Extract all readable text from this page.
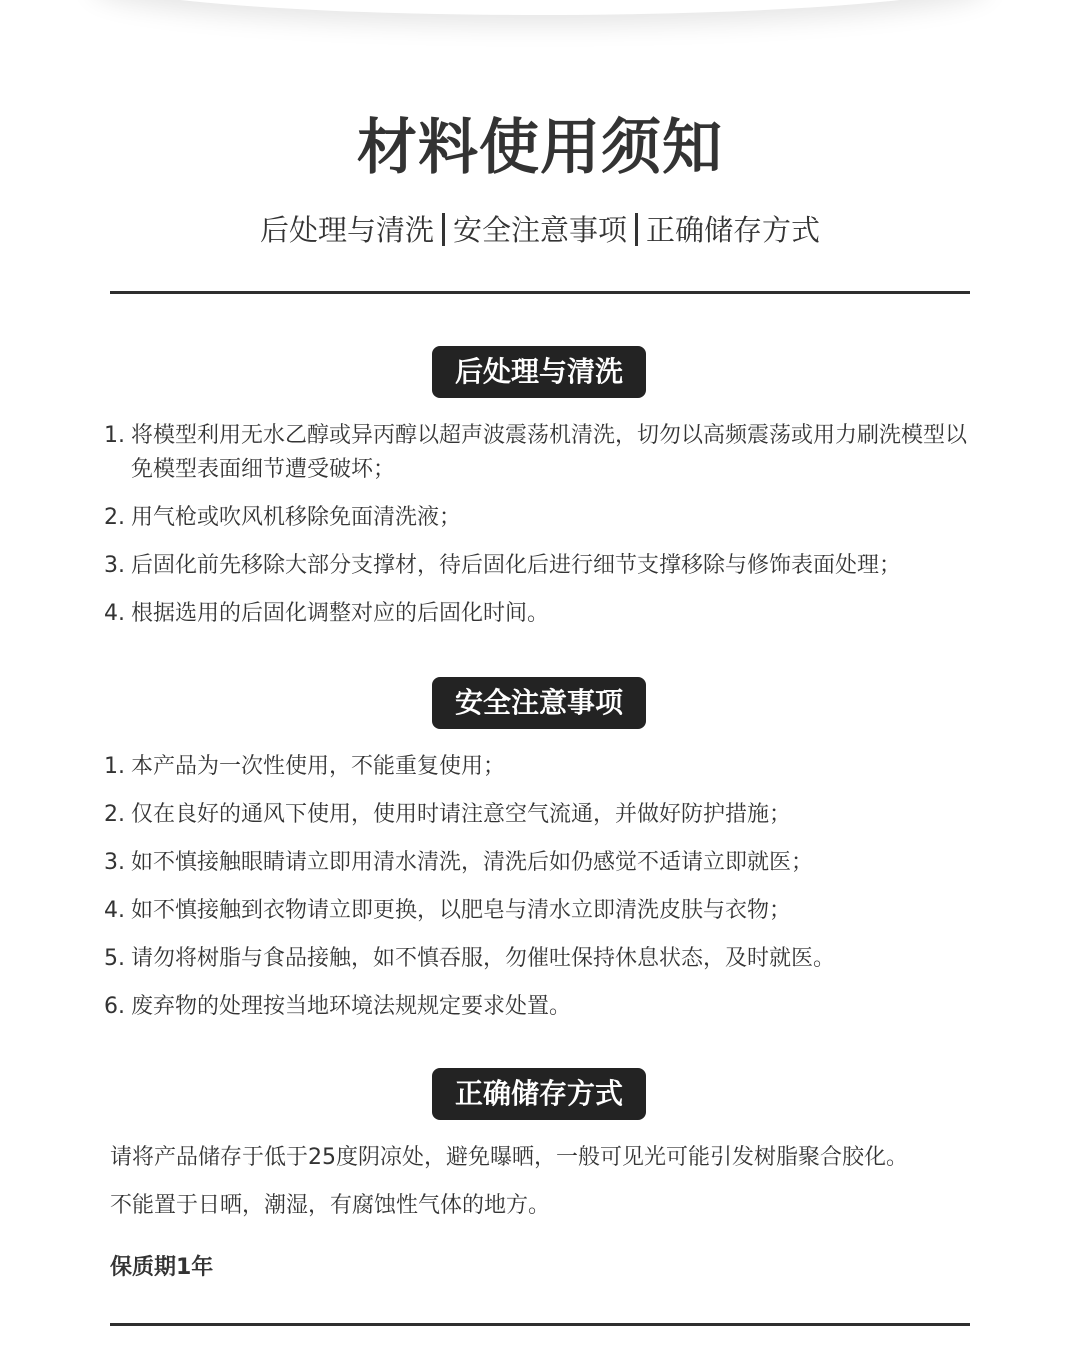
材料使用须知
后处理与清洗 安全注意事项 正确储存方式
后处理与清洗
1. 将模型利用无水乙醇或异丙醇以超声波震荡机清洗，切勿以高频震荡或用力刷洗模型以免模型表面细节遭受破坏；
2. 用气枪或吹风机移除免面清洗液；
3. 后固化前先移除大部分支撑材，待后固化后进行细节支撑移除与修饰表面处理；
4. 根据选用的后固化调整对应的后固化时间。
安全注意事项
1. 本产品为一次性使用，不能重复使用；
2. 仅在良好的通风下使用，使用时请注意空气流通，并做好防护措施；
3. 如不慎接触眼睛请立即用清水清洗，清洗后如仍感觉不适请立即就医；
4. 如不慎接触到衣物请立即更换，以肥皂与清水立即清洗皮肤与衣物；
5. 请勿将树脂与食品接触，如不慎吞服，勿催吐保持休息状态，及时就医。
6. 废弃物的处理按当地环境法规规定要求处置。
正确储存方式
请将产品储存于低于25度阴凉处，避免曝晒，一般可见光可能引发树脂聚合胶化。
不能置于日晒，潮湿，有腐蚀性气体的地方。
保质期1年
